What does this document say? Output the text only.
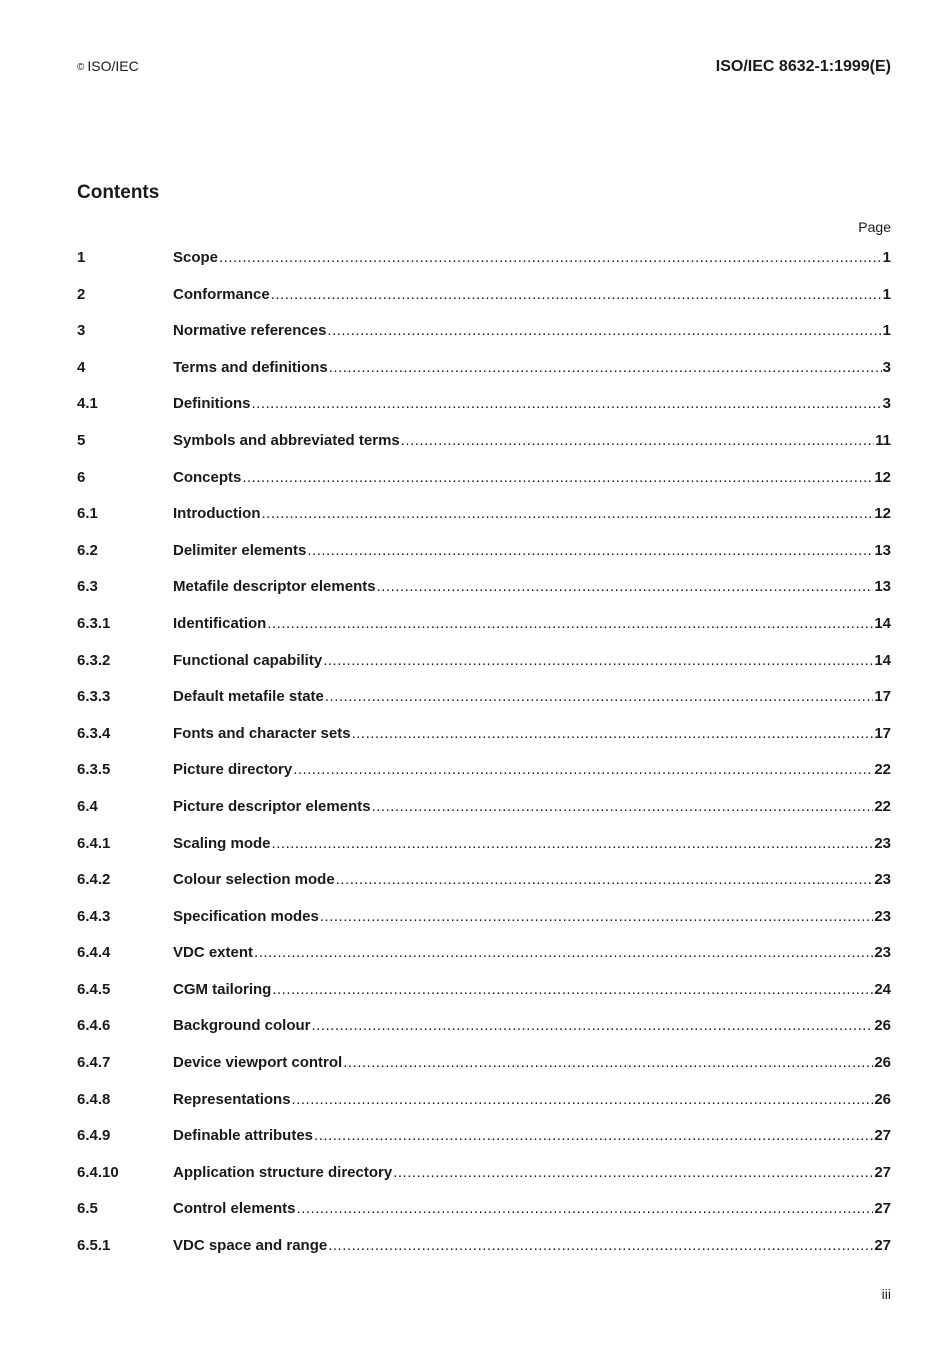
© ISO/IEC	ISO/IEC 8632-1:1999(E)
Contents
Page
1	Scope .....	1
2	Conformance .....	1
3	Normative references .....	1
4	Terms and definitions .....	3
4.1	Definitions .....	3
5	Symbols and abbreviated terms .....	11
6	Concepts .....	12
6.1	Introduction .....	12
6.2	Delimiter elements .....	13
6.3	Metafile descriptor elements .....	13
6.3.1	Identification .....	14
6.3.2	Functional capability .....	14
6.3.3	Default metafile state .....	17
6.3.4	Fonts and character sets .....	17
6.3.5	Picture directory .....	22
6.4	Picture descriptor elements .....	22
6.4.1	Scaling mode .....	23
6.4.2	Colour selection mode .....	23
6.4.3	Specification modes .....	23
6.4.4	VDC extent .....	23
6.4.5	CGM tailoring .....	24
6.4.6	Background colour .....	26
6.4.7	Device viewport control .....	26
6.4.8	Representations .....	26
6.4.9	Definable attributes .....	27
6.4.10	Application structure directory .....	27
6.5	Control elements .....	27
6.5.1	VDC space and range .....	27
iii
